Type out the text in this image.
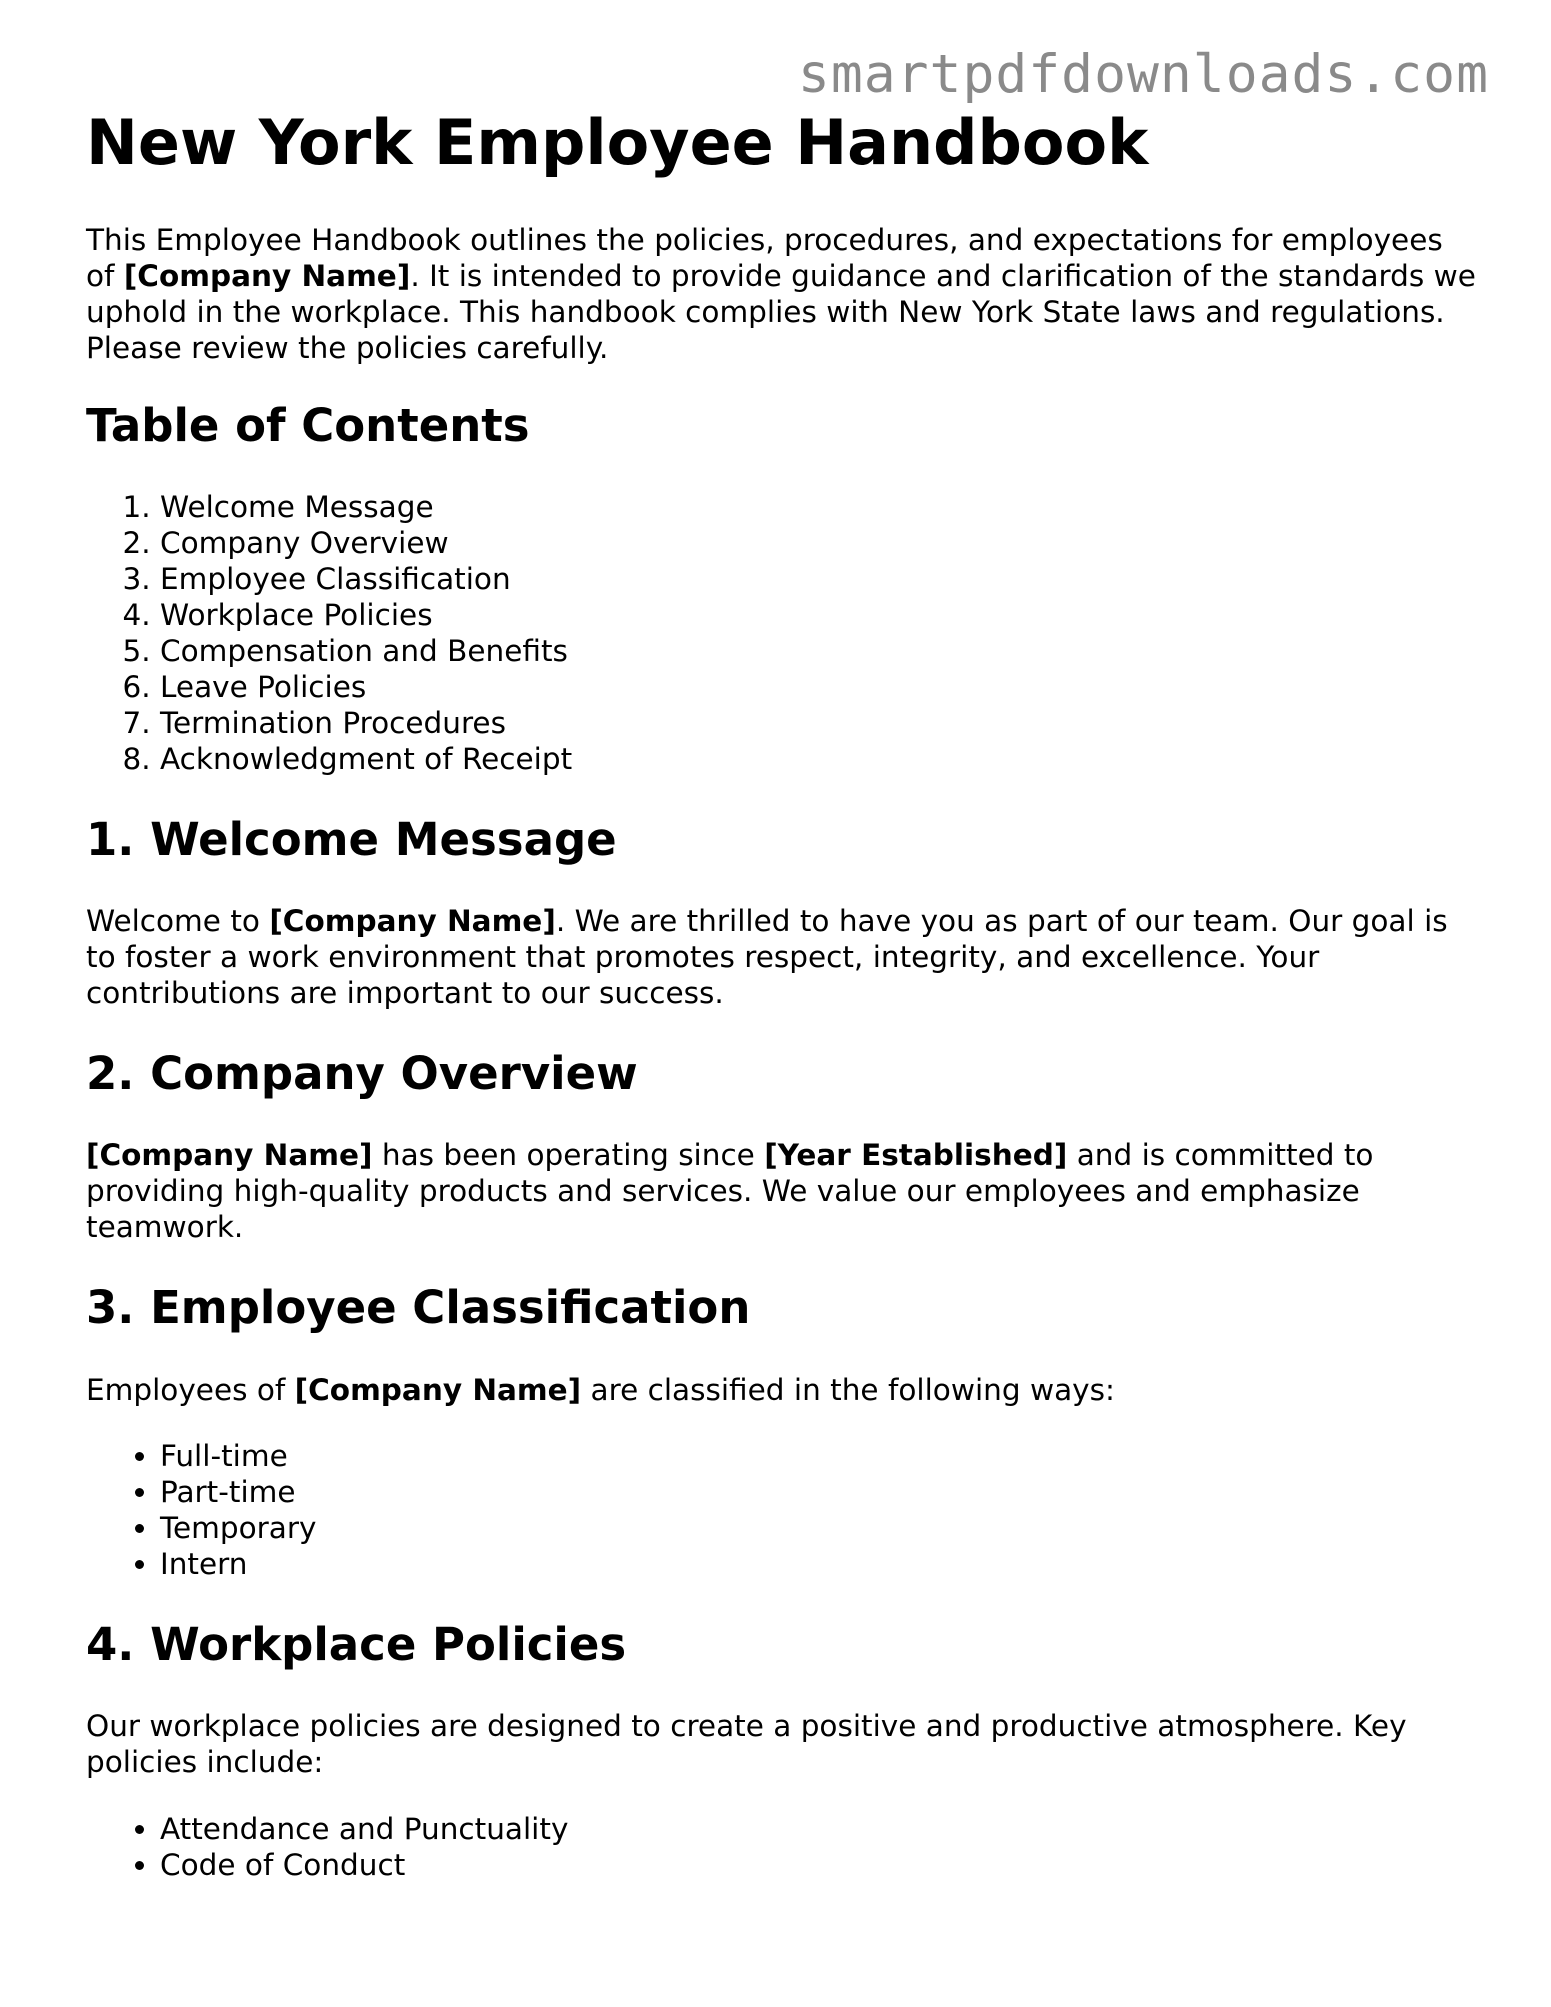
smartpdfdownloads.com
New York Employee Handbook

This Employee Handbook outlines the policies, procedures, and expectations for employees of [Company Name]. It is intended to provide guidance and clarification of the standards we uphold in the workplace. This handbook complies with New York State laws and regulations. Please review the policies carefully.

Table of Contents
1. Welcome Message
2. Company Overview
3. Employee Classification
4. Workplace Policies
5. Compensation and Benefits
6. Leave Policies
7. Termination Procedures
8. Acknowledgment of Receipt
1. Welcome Message

Welcome to [Company Name]. We are thrilled to have you as part of our team. Our goal is to foster a work environment that promotes respect, integrity, and excellence. Your contributions are important to our success.

2. Company Overview

[Company Name] has been operating since [Year Established] and is committed to providing high-quality products and services. We value our employees and emphasize teamwork.

3. Employee Classification

Employees of [Company Name] are classified in the following ways:

• Full-time
• Part-time
• Temporary
• Intern
4. Workplace Policies

Our workplace policies are designed to create a positive and productive atmosphere. Key policies include:

• Attendance and Punctuality
• Code of Conduct
